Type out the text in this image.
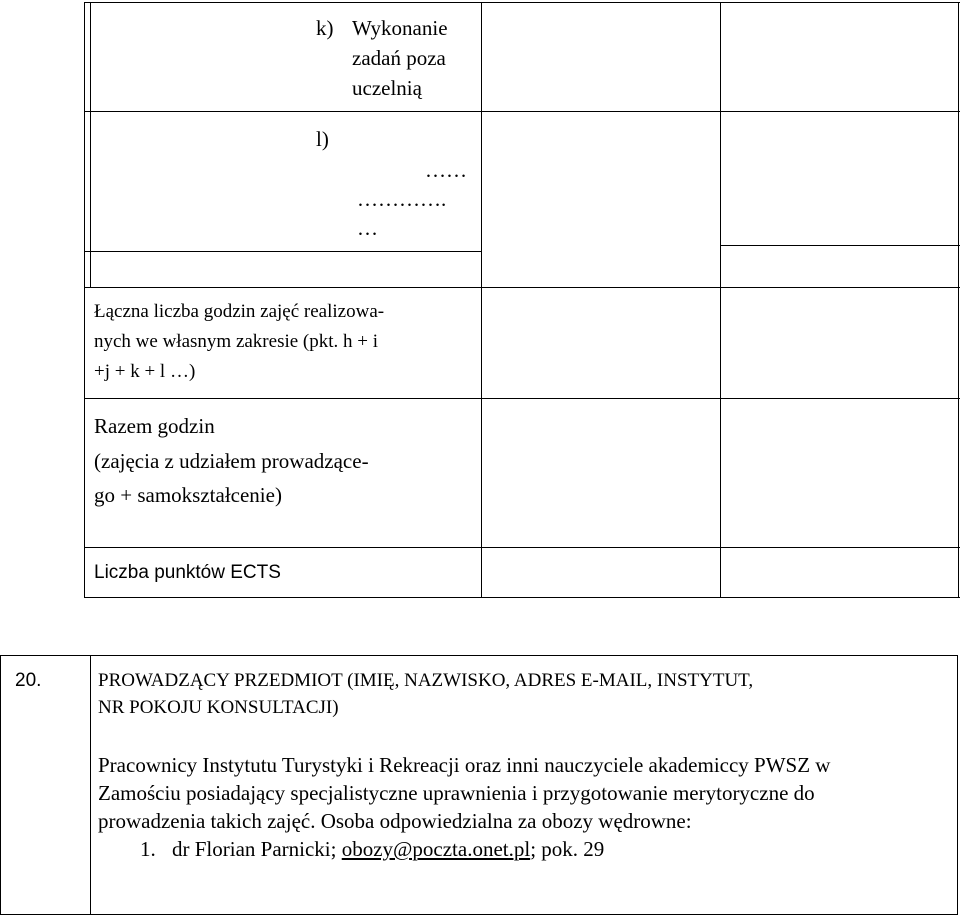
k) Wykonanie
zadań poza
uczelnią
l)
……
………….
…
Łączna liczba godzin zajęć realizowa-
nych we własnym zakresie (pkt. h + i
+j + k + l …)
Razem godzin
(zajęcia z udziałem prowadzące-
go + samokształcenie)
Liczba punktów ECTS
20.	PROWADZĄCY PRZEDMIOT (IMIĘ, NAZWISKO, ADRES E-MAIL, INSTYTUT,
NR POKOJU KONSULTACJI)
Pracownicy Instytutu Turystyki i Rekreacji oraz inni nauczyciele akademiccy PWSZ w
Zamościu posiadający specjalistyczne uprawnienia i przygotowanie merytoryczne do
prowadzenia takich zajęć. Osoba odpowiedzialna za obozy wędrowne:
1. dr Florian Parnicki; obozy@poczta.onet.pl; pok. 29
